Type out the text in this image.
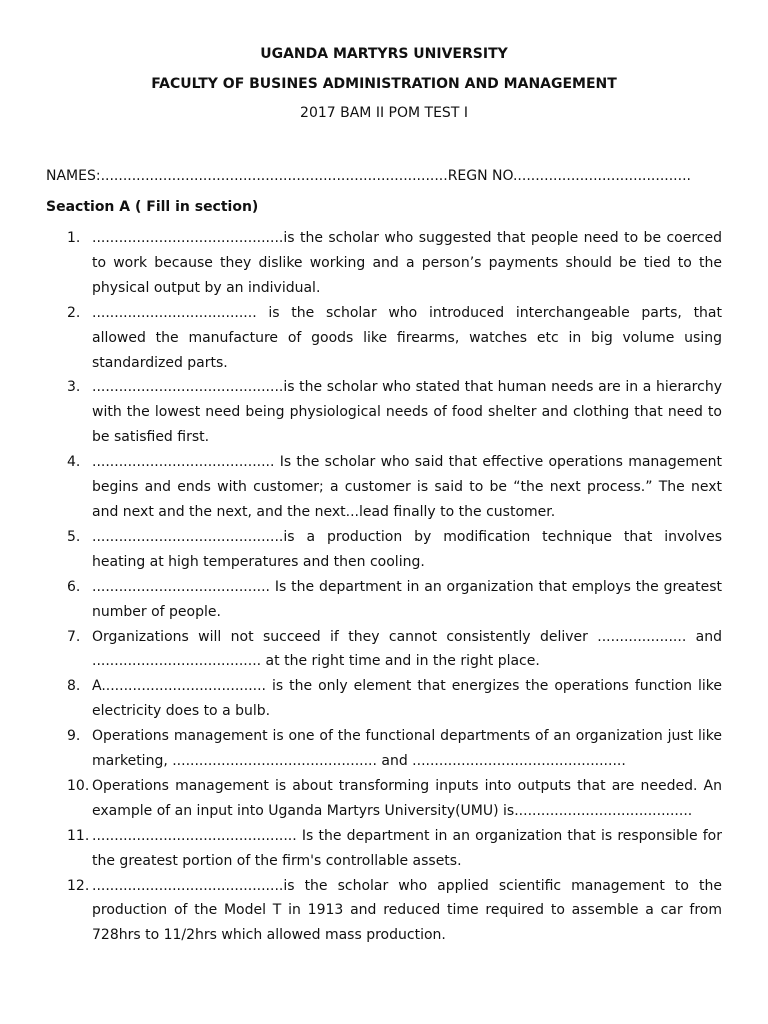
UGANDA MARTYRS UNIVERSITY

FACULTY OF BUSINES ADMINISTRATION AND MANAGEMENT

2017 BAM II POM TEST I

NAMES:..............................................................................REGN NO........................................
Seaction A ( Fill in section)
1. ...........................................is the scholar who suggested that people need to be coerced to work because they dislike working and a person’s payments should be tied to the physical output by an individual.
2. ..................................... is the scholar who introduced interchangeable parts, that allowed the manufacture of goods like firearms, watches etc in big volume using standardized parts.
3. ...........................................is the scholar who stated that human needs are in a hierarchy with the lowest need being physiological needs of food shelter and clothing that need to be satisfied first.
4. ......................................... Is the scholar who said that effective operations management begins and ends with customer; a customer is said to be “the next process.” The next and next and the next, and the next...lead finally to the customer.
5. ...........................................is a production by modification technique that involves heating at high temperatures and then cooling.
6. ........................................ Is the department in an organization that employs the greatest number of people.
7. Organizations will not succeed if they cannot consistently deliver .................... and ...................................... at the right time and in the right place.
8. A..................................... is the only element that energizes the operations function like electricity does to a bulb.
9. Operations management is one of the functional departments of an organization just like marketing, .............................................. and ................................................
10. Operations management is about transforming inputs into outputs that are needed. An example of an input into Uganda Martyrs University(UMU) is........................................
11. .............................................. Is the department in an organization that is responsible for the greatest portion of the firm's controllable assets.
12. ...........................................is the scholar who applied scientific management to the production of the Model T in 1913 and reduced time required to assemble a car from 728hrs to 11/2hrs which allowed mass production.
